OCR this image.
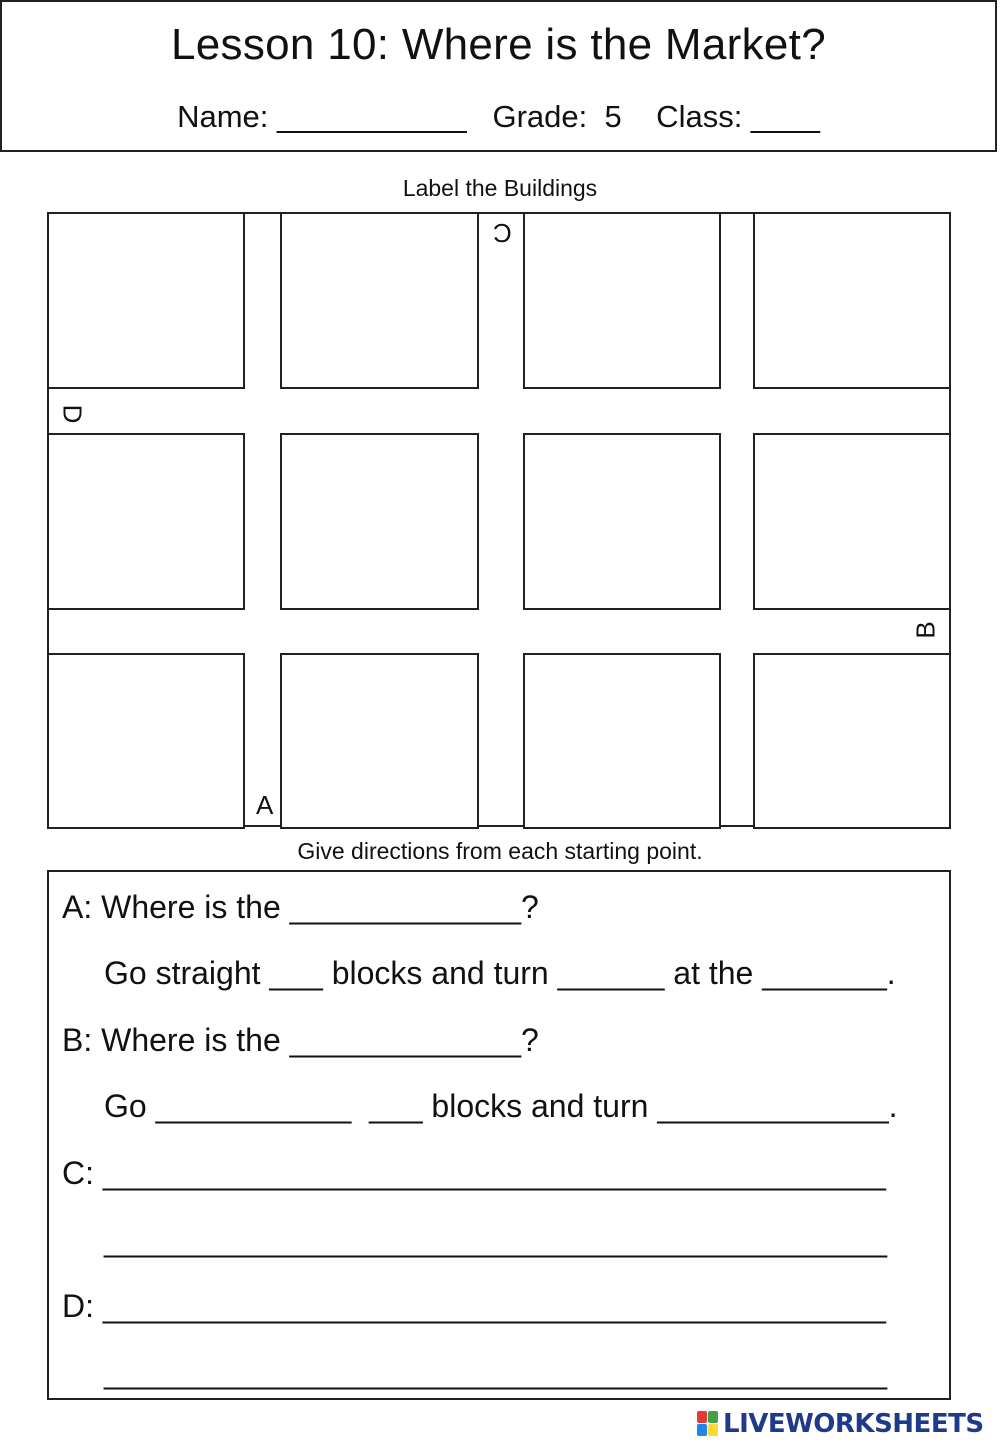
Lesson 10: Where is the Market?
Name: ___________   Grade:  5    Class: ____
Label the Buildings
A
B
C
D
Give directions from each starting point.
A: Where is the _____________?
Go straight ___ blocks and turn ______ at the _______.
B: Where is the _____________?
Go ___________  ___ blocks and turn _____________.
C: ____________________________________________
____________________________________________
D: ____________________________________________
____________________________________________
LIVEWORKSHEETS
